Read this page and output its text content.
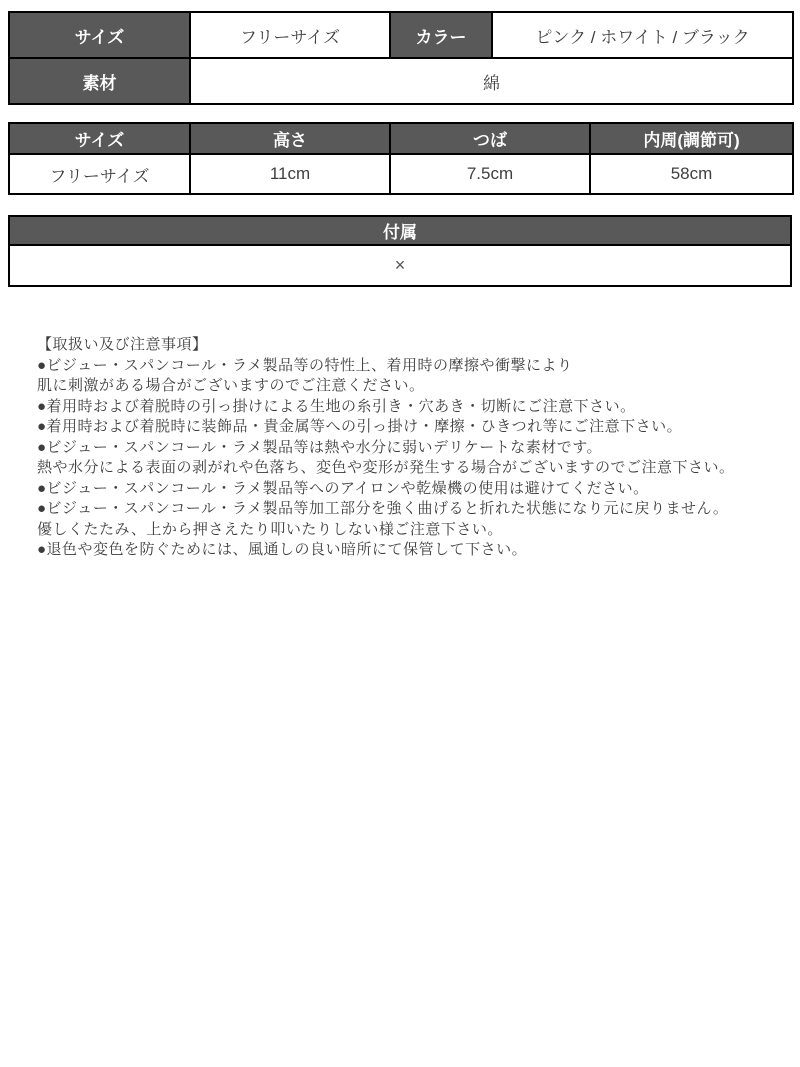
サイズ	フリーサイズ	カラー	ピンク / ホワイト / ブラック
素材	綿		
サイズ	高さ	つば	内周(調節可)
フリーサイズ	11cm	7.5cm	58cm
付属
×
【取扱い及び注意事項】
●ビジュー・スパンコール・ラメ製品等の特性上、着用時の摩擦や衝撃により
肌に刺激がある場合がございますのでご注意ください。
●着用時および着脱時の引っ掛けによる生地の糸引き・穴あき・切断にご注意下さい。
●着用時および着脱時に装飾品・貴金属等への引っ掛け・摩擦・ひきつれ等にご注意下さい。
●ビジュー・スパンコール・ラメ製品等は熱や水分に弱いデリケートな素材です。
熱や水分による表面の剥がれや色落ち、変色や変形が発生する場合がございますのでご注意下さい。
●ビジュー・スパンコール・ラメ製品等へのアイロンや乾燥機の使用は避けてください。
●ビジュー・スパンコール・ラメ製品等加工部分を強く曲げると折れた状態になり元に戻りません。
優しくたたみ、上から押さえたり叩いたりしない様ご注意下さい。
●退色や変色を防ぐためには、風通しの良い暗所にて保管して下さい。
